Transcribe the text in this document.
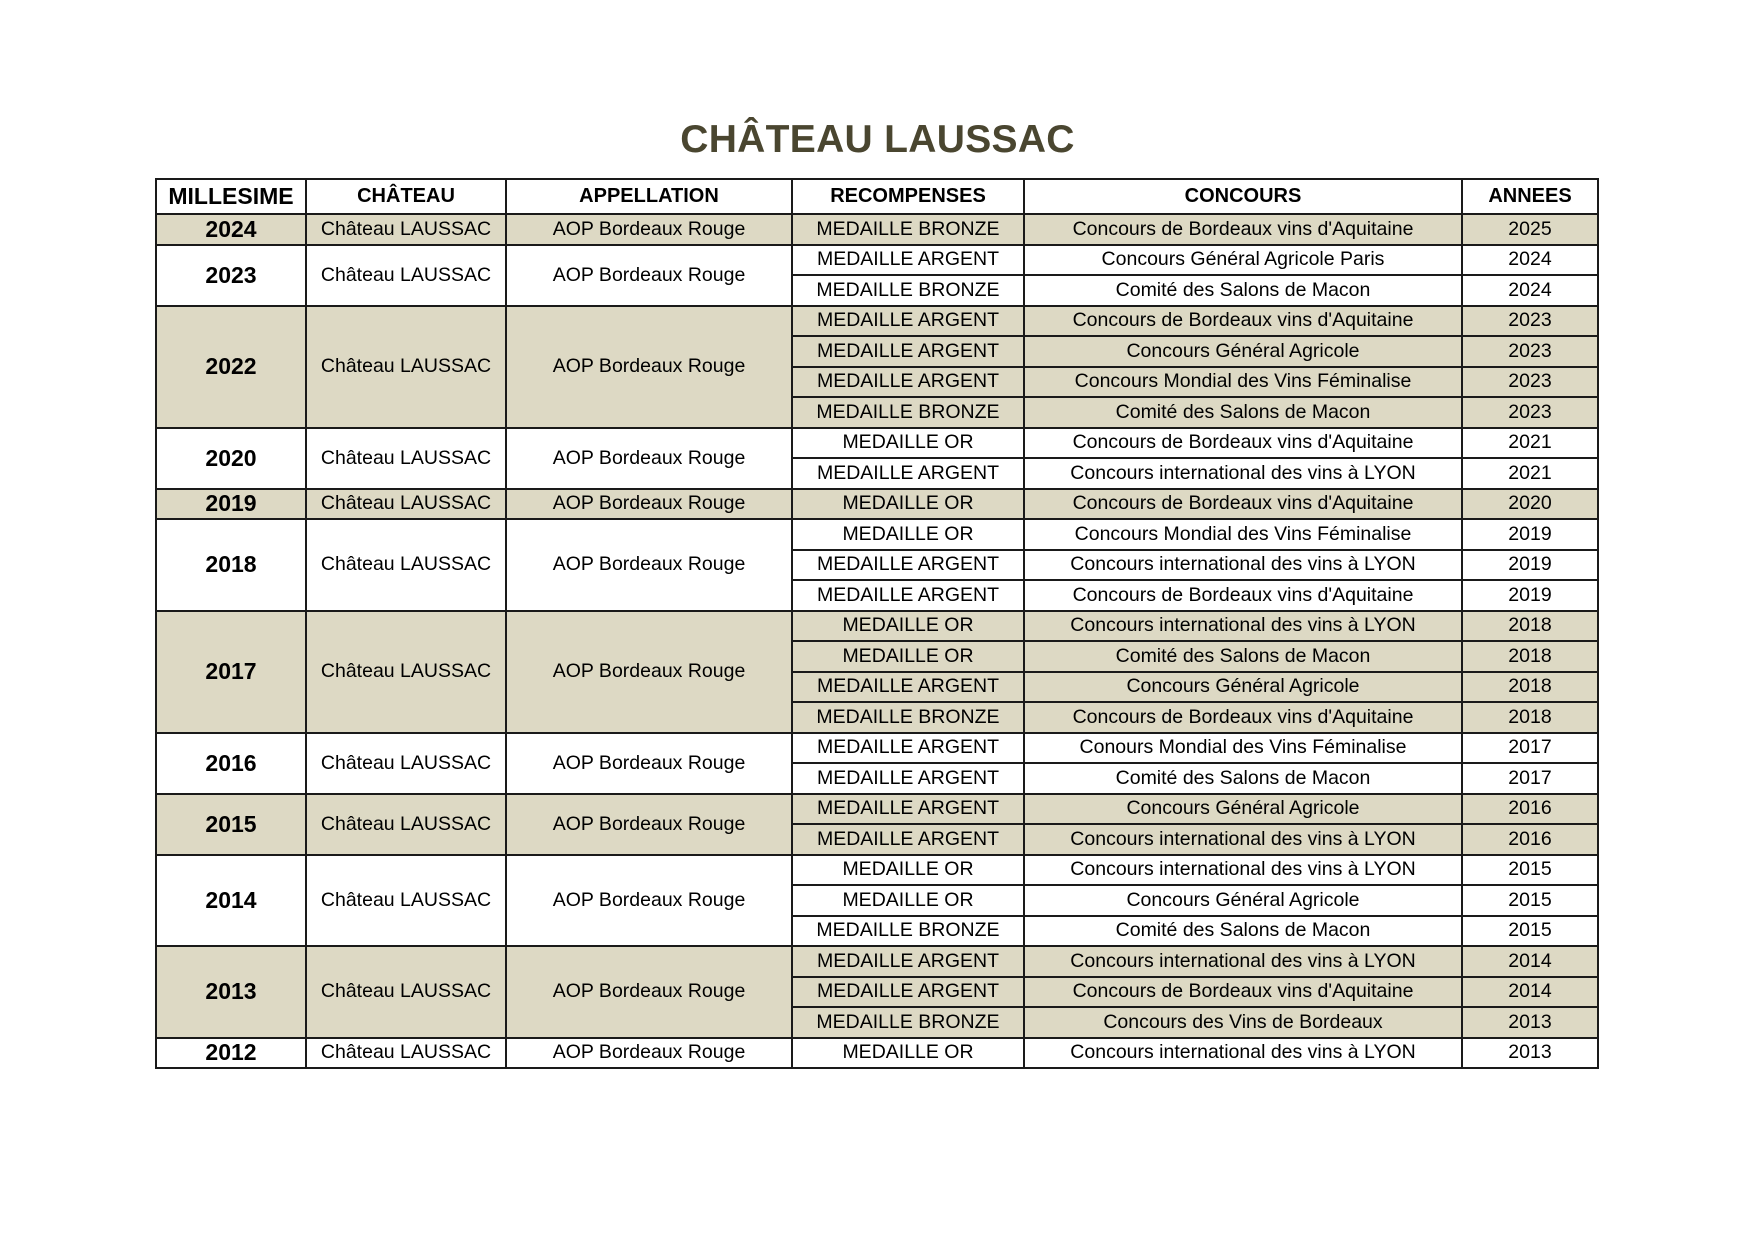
CHÂTEAU LAUSSAC
MILLESIME	CHÂTEAU	APPELLATION	RECOMPENSES	CONCOURS	ANNEES
2024	Château LAUSSAC	AOP Bordeaux Rouge	MEDAILLE BRONZE	Concours de Bordeaux vins d'Aquitaine	2025
2023	Château LAUSSAC	AOP Bordeaux Rouge	MEDAILLE ARGENT	Concours Général Agricole Paris	2024
			MEDAILLE BRONZE	Comité des Salons de Macon	2024
2022	Château LAUSSAC	AOP Bordeaux Rouge	MEDAILLE ARGENT	Concours de Bordeaux vins d'Aquitaine	2023
			MEDAILLE ARGENT	Concours Général Agricole	2023
			MEDAILLE ARGENT	Concours Mondial des Vins Féminalise	2023
			MEDAILLE BRONZE	Comité des Salons de Macon	2023
2020	Château LAUSSAC	AOP Bordeaux Rouge	MEDAILLE OR	Concours de Bordeaux vins d'Aquitaine	2021
			MEDAILLE ARGENT	Concours international des vins à LYON	2021
2019	Château LAUSSAC	AOP Bordeaux Rouge	MEDAILLE OR	Concours de Bordeaux vins d'Aquitaine	2020
2018	Château LAUSSAC	AOP Bordeaux Rouge	MEDAILLE OR	Concours Mondial des Vins Féminalise	2019
			MEDAILLE ARGENT	Concours international des vins à LYON	2019
			MEDAILLE ARGENT	Concours de Bordeaux vins d'Aquitaine	2019
2017	Château LAUSSAC	AOP Bordeaux Rouge	MEDAILLE OR	Concours international des vins à LYON	2018
			MEDAILLE OR	Comité des Salons de Macon	2018
			MEDAILLE ARGENT	Concours Général Agricole	2018
			MEDAILLE BRONZE	Concours de Bordeaux vins d'Aquitaine	2018
2016	Château LAUSSAC	AOP Bordeaux Rouge	MEDAILLE ARGENT	Conours Mondial des Vins Féminalise	2017
			MEDAILLE ARGENT	Comité des Salons de Macon	2017
2015	Château LAUSSAC	AOP Bordeaux Rouge	MEDAILLE ARGENT	Concours Général Agricole	2016
			MEDAILLE ARGENT	Concours international des vins à LYON	2016
2014	Château LAUSSAC	AOP Bordeaux Rouge	MEDAILLE OR	Concours international des vins à LYON	2015
			MEDAILLE OR	Concours Général Agricole	2015
			MEDAILLE BRONZE	Comité des Salons de Macon	2015
2013	Château LAUSSAC	AOP Bordeaux Rouge	MEDAILLE ARGENT	Concours international des vins à LYON	2014
			MEDAILLE ARGENT	Concours de Bordeaux vins d'Aquitaine	2014
			MEDAILLE BRONZE	Concours des Vins de Bordeaux	2013
2012	Château LAUSSAC	AOP Bordeaux Rouge	MEDAILLE OR	Concours international des vins à LYON	2013
